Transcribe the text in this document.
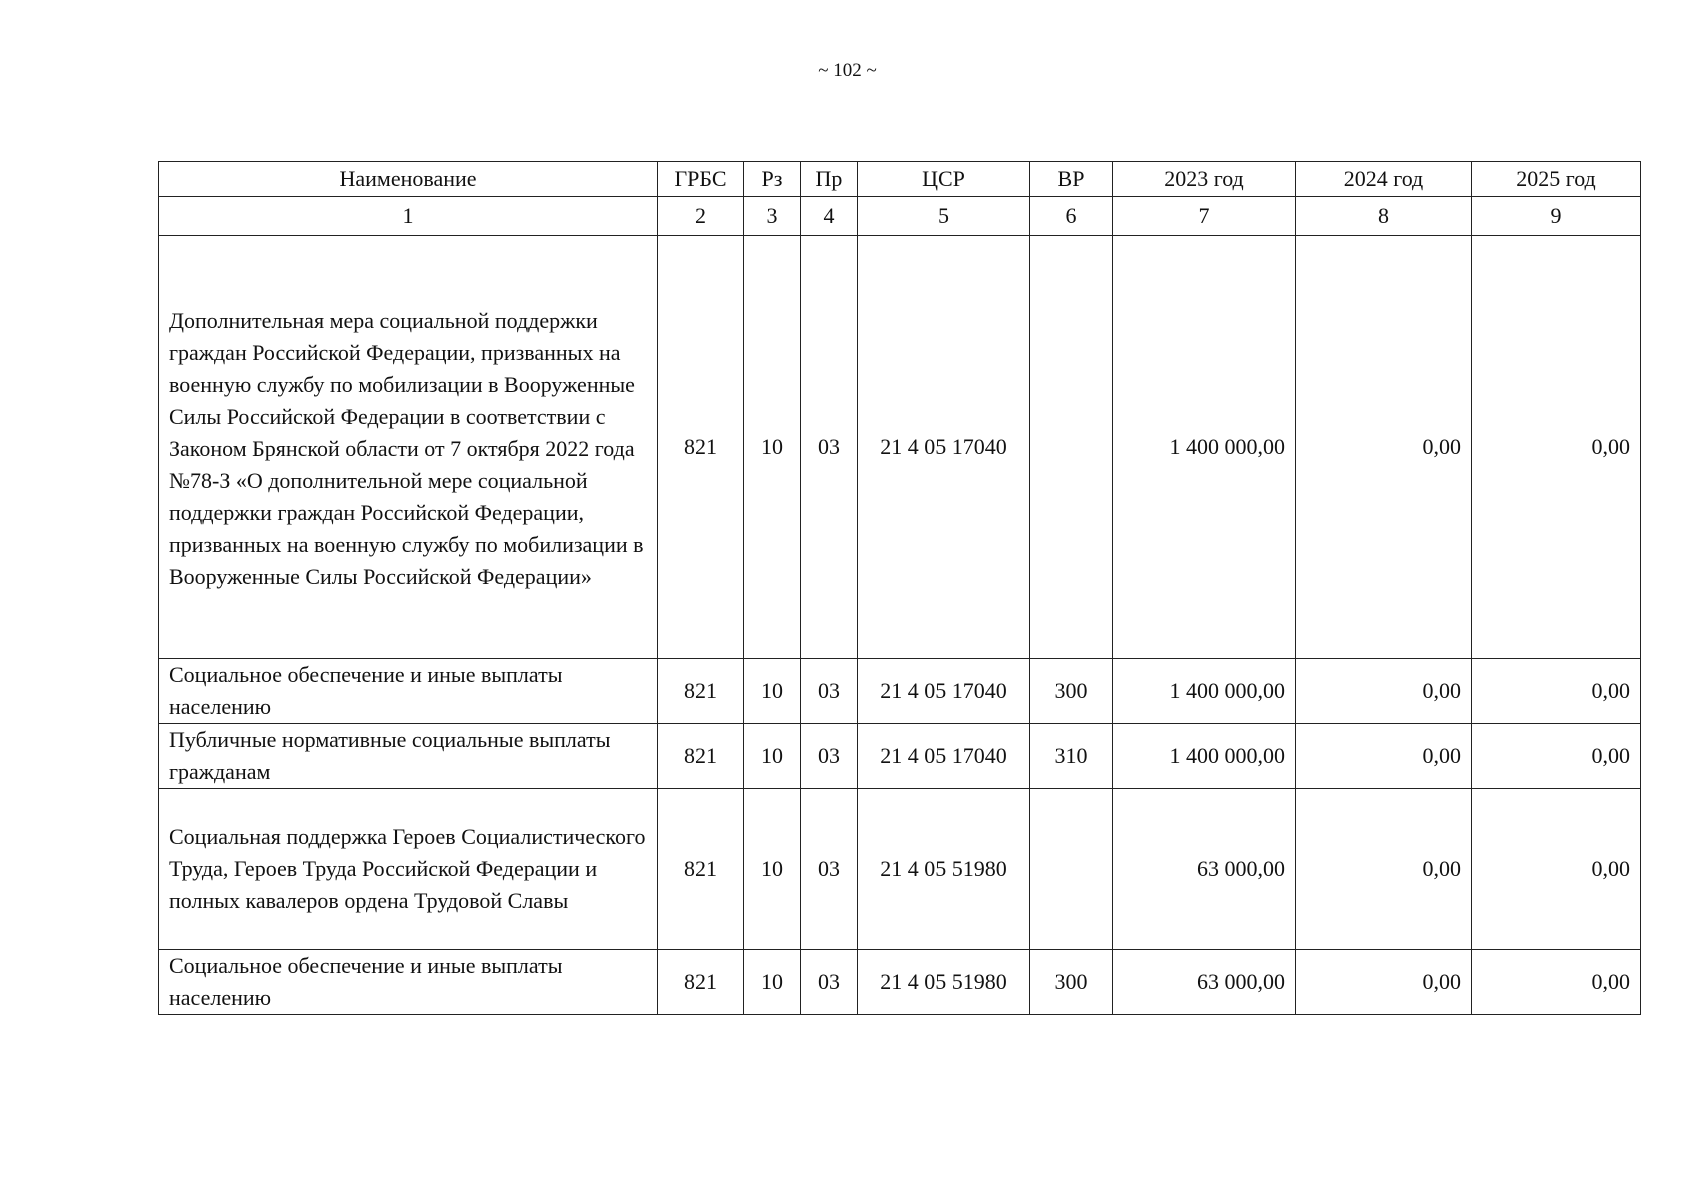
~ 102 ~
Наименование	ГРБС	Рз	Пр	ЦСР	ВР	2023 год	2024 год	2025 год
1	2	3	4	5	6	7	8	9
Дополнительная мера социальной поддержки граждан Российской Федерации, призванных на военную службу по мобилизации в Вооруженные Силы Российской Федерации в соответствии с Законом Брянской области от 7 октября 2022 года №78-З «О дополнительной мере социальной поддержки граждан Российской Федерации, призванных на военную службу по мобилизации в Вооруженные Силы Российской Федерации»	821	10	03	21 4 05 17040		1 400 000,00	0,00	0,00
Социальное обеспечение и иные выплаты населению	821	10	03	21 4 05 17040	300	1 400 000,00	0,00	0,00
Публичные нормативные социальные выплаты гражданам	821	10	03	21 4 05 17040	310	1 400 000,00	0,00	0,00
Социальная поддержка Героев Социалистического Труда, Героев Труда Российской Федерации и полных кавалеров ордена Трудовой Славы	821	10	03	21 4 05 51980		63 000,00	0,00	0,00
Социальное обеспечение и иные выплаты населению	821	10	03	21 4 05 51980	300	63 000,00	0,00	0,00
